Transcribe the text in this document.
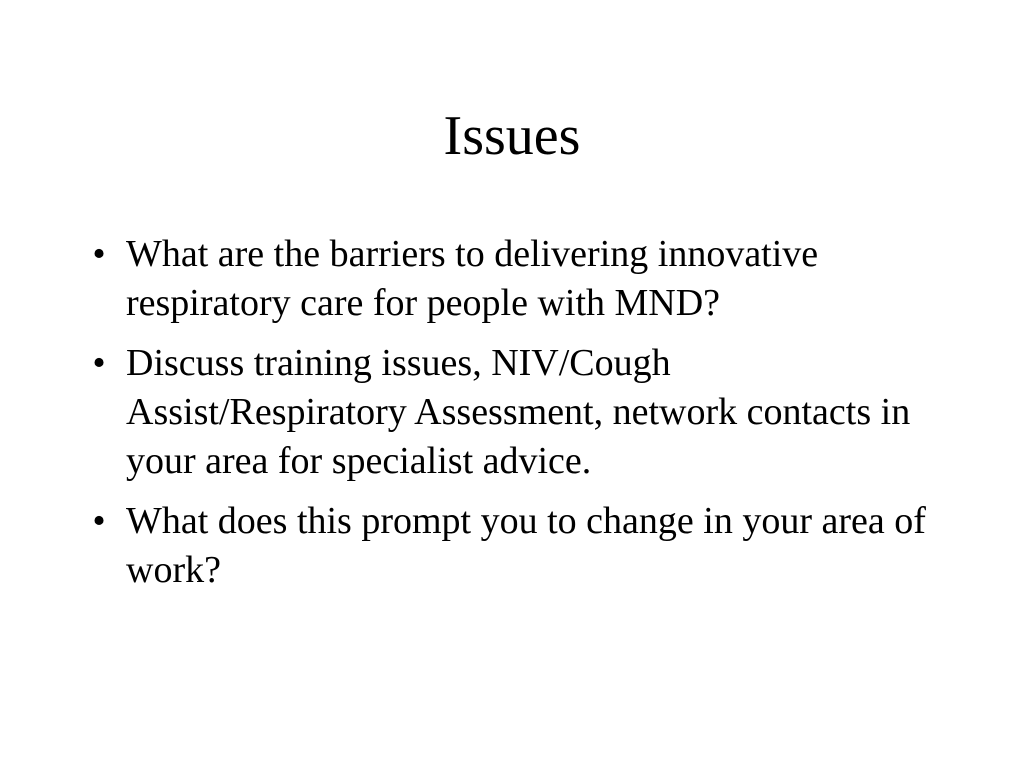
Issues
• What are the barriers to delivering innovative respiratory care for people with MND?
• Discuss training issues, NIV/Cough Assist/Respiratory Assessment, network contacts in your area for specialist advice.
• What does this prompt you to change in your area of work?
